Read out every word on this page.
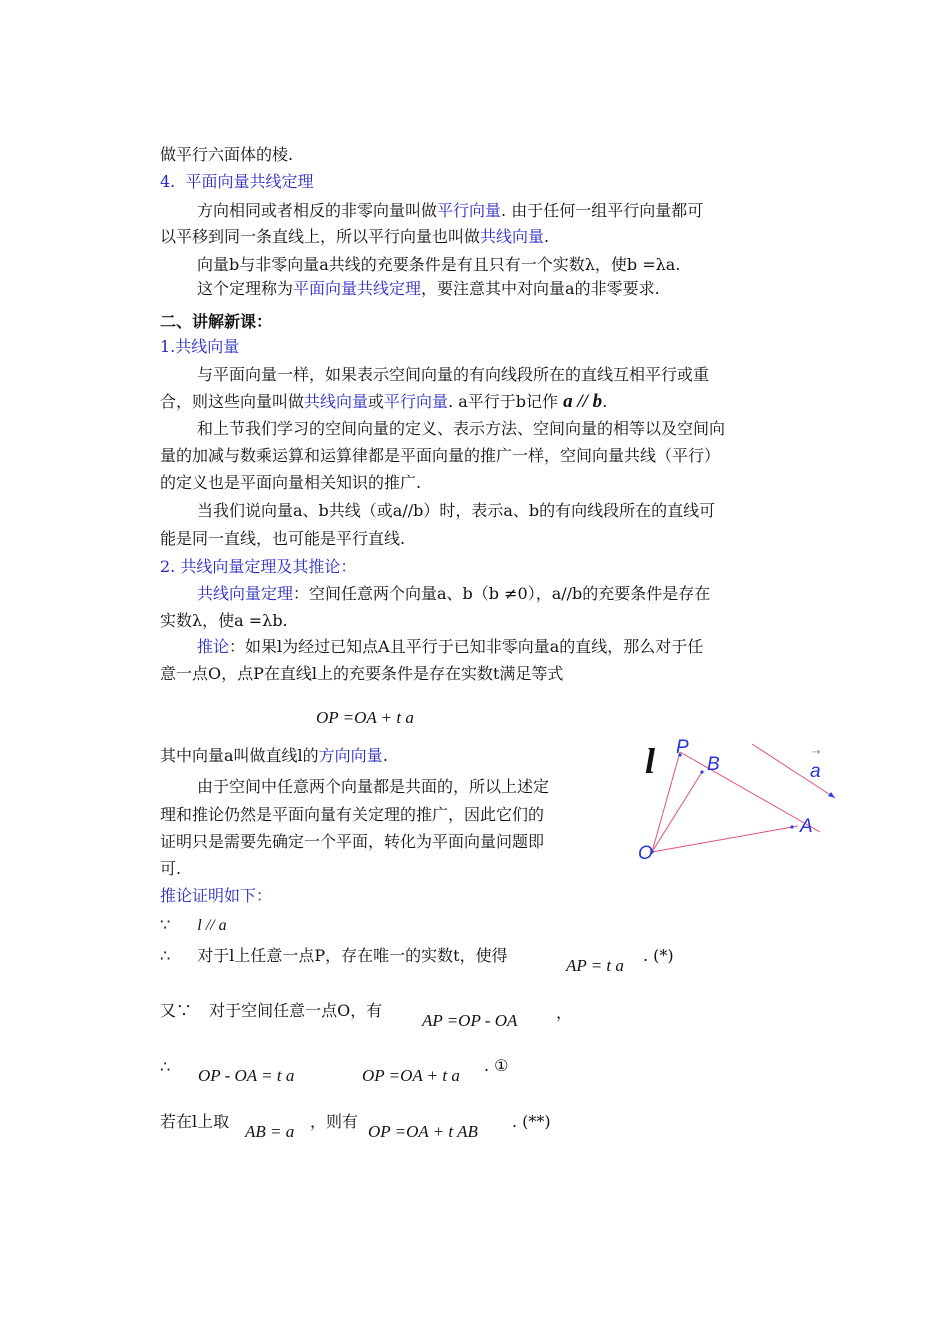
做平行六面体的棱.
4. 平面向量共线定理
方向相同或者相反的非零向量叫做平行向量. 由于任何一组平行向量都可
以平移到同一条直线上，所以平行向量也叫做共线向量.
向量b与非零向量a共线的充要条件是有且只有一个实数λ，使b =λa.
这个定理称为平面向量共线定理，要注意其中对向量a的非零要求.
二、讲解新课：
1.共线向量
与平面向量一样，如果表示空间向量的有向线段所在的直线互相平行或重
合，则这些向量叫做共线向量或平行向量. a平行于b记作 a // b.
和上节我们学习的空间向量的定义、表示方法、空间向量的相等以及空间向
量的加减与数乘运算和运算律都是平面向量的推广一样，空间向量共线（平行）
的定义也是平面向量相关知识的推广.
当我们说向量a、b共线（或a//b）时，表示a、b的有向线段所在的直线可
能是同一直线，也可能是平行直线.
2. 共线向量定理及其推论：
共线向量定理：空间任意两个向量a、b（b ≠0），a//b的充要条件是存在
实数λ，使a =λb.
推论：如果l为经过已知点A且平行于已知非零向量a的直线，那么对于任
意一点O，点P在直线l上的充要条件是存在实数t满足等式
OP =OA + t a
其中向量a叫做直线l的方向向量.
由于空间中任意两个向量都是共面的，所以上述定
理和推论仍然是平面向量有关定理的推广，因此它们的
证明只是需要先确定一个平面，转化为平面向量问题即
可.
l P
B	a
→
A
O
推论证明如下：
∵ l // a
∴ 对于l上任意一点P，存在唯一的实数t，使得
AP = t a
. (*)
又∵ 对于空间任意一点O，有
AP =OP - OA ，
∴ OP - OA = t a	OP =OA + t a
. ①
若在l上取
AB = a
，则有
OP =OA + t AB
. (**)
